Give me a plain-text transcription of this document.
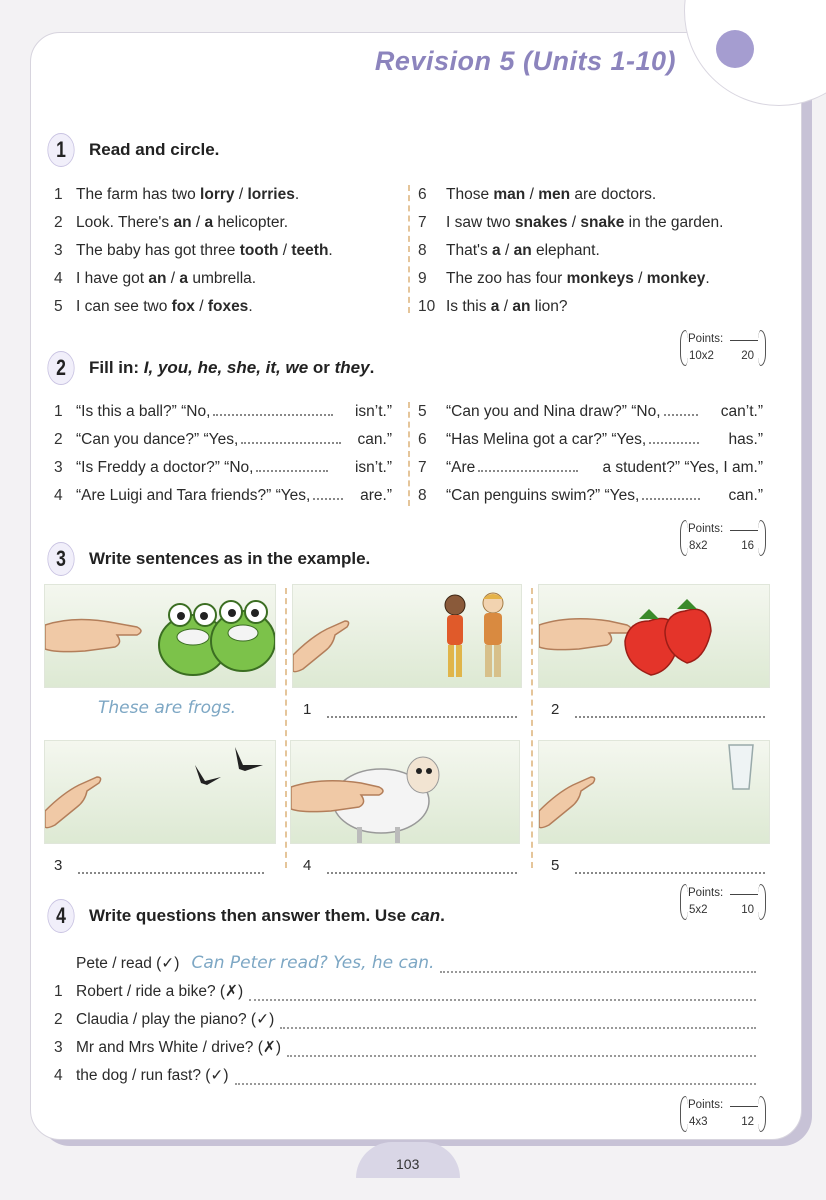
Revision 5 (Units 1-10)
1	Read and circle.
1 The farm has two lorry / lorries.
2 Look. There's an / a helicopter.
3 The baby has got three tooth / teeth.
4 I have got an / a umbrella.
5 I can see two fox / foxes.
6	Those man / men are doctors.
7	I saw two snakes / snake in the garden.
8	That's a / an elephant.
9	The zoo has four monkeys / monkey.
10 Is this a / an lion?
Points:
10x2 20
2	Fill in: I, you, he, she, it, we or they.
1 “Is this a ball?” “No,	isn’t.”
2 “Can you dance?” “Yes,	can.”
3 “Is Freddy a doctor?” “No,	isn’t.”
4 “Are Luigi and Tara friends?” “Yes,	are.”
5 “Can you and Nina draw?” “No,	can’t.”
6 “Has Melina got a car?” “Yes,	has.”
7 “Are	a student?” “Yes, I am.”
8 “Can penguins swim?” “Yes,	can.”
Points:
8x2	16
3	Write sentences as in the example.
These are frogs.	1	2
3	4	5
Points:
5x2	10
4	Write questions then answer them. Use can.
Pete / read (✓) Can Peter read? Yes, he can.
1 Robert / ride a bike? (✗)
2 Claudia / play the piano? (✓)
3 Mr and Mrs White / drive? (✗)
4 the dog / run fast? (✓)
Points:
4x3	12
103
